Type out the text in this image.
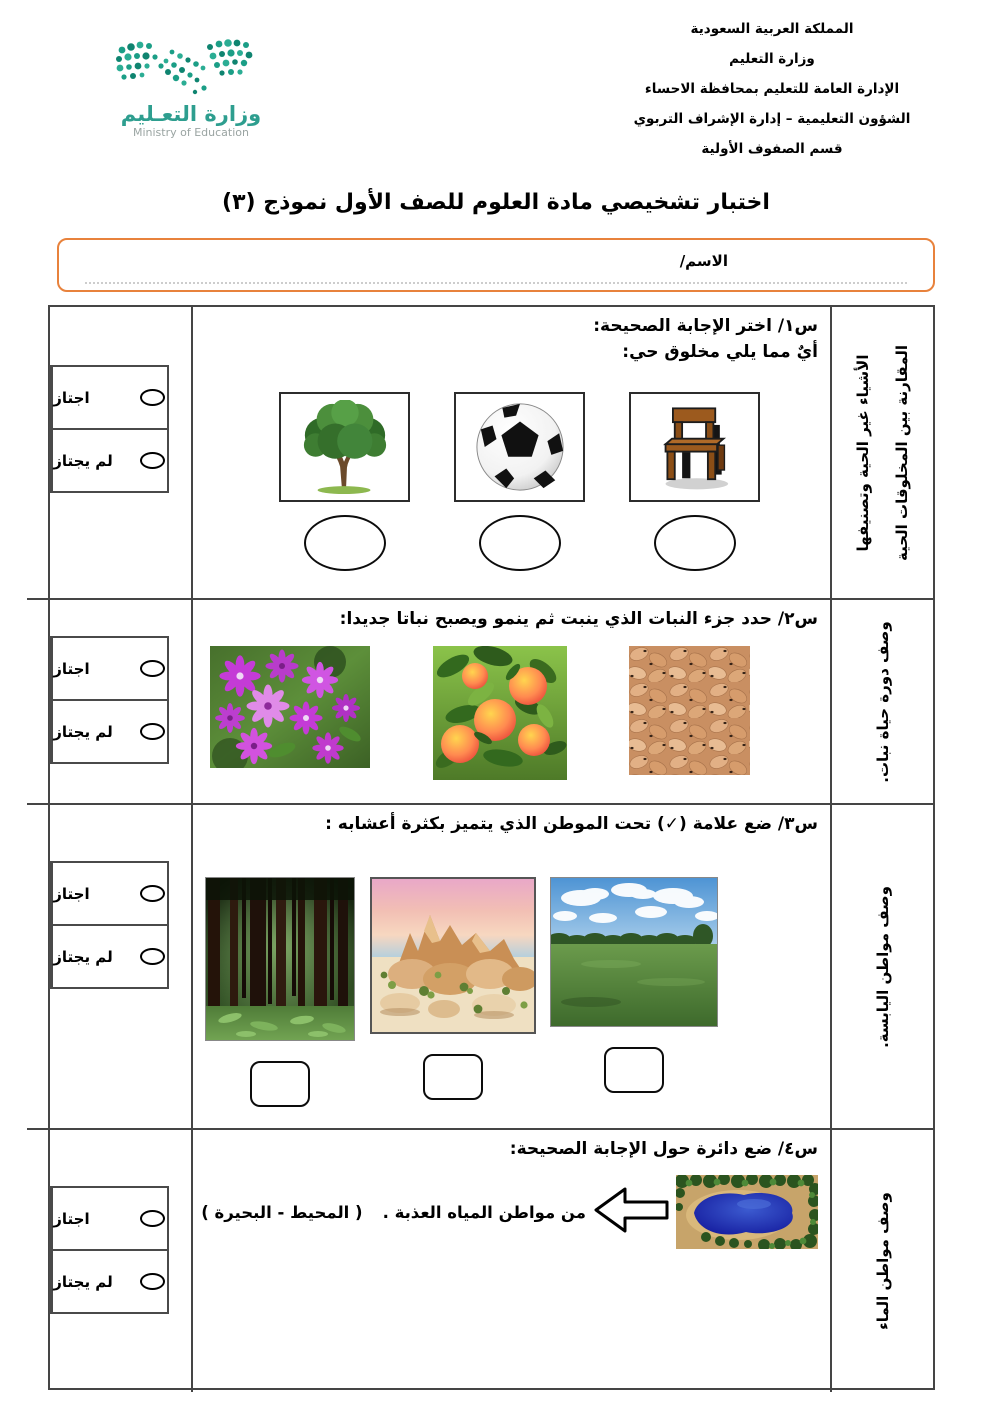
المملكة العربية السعودية
وزارة التعليم
الإدارة العامة للتعليم بمحافظة الاحساء
الشؤون التعليمية – إدارة الإشراف التربوي
قسم الصفوف الأولية
وزارة التعـليم
Ministry of Education
اختبار تشخيصي مادة العلوم للصف الأول نموذج (٣)
الاسم/
المقارنة بين المخلوقات الحية
الأشياء غير الحية وتصنيفها
س١/ اختر الإجابة الصحيحة:
أيٌ مما يلي مخلوق حي:
اجتاز
لم يجتاز
وصف دورة حياة نبات.
س٢/ حدد جزء النبات الذي ينبت ثم ينمو ويصبح نباتا جديدا:
اجتاز
لم يجتاز
وصف مواطن اليابسة.
س٣/ ضع علامة (✓) تحت الموطن الذي يتميز بكثرة أعشابه :
اجتاز
لم يجتاز
وصف مواطن الماء
س٤/ ضع دائرة حول الإجابة الصحيحة:
من مواطن المياه العذبة .
( المحيط - البحيرة )
اجتاز
لم يجتاز
